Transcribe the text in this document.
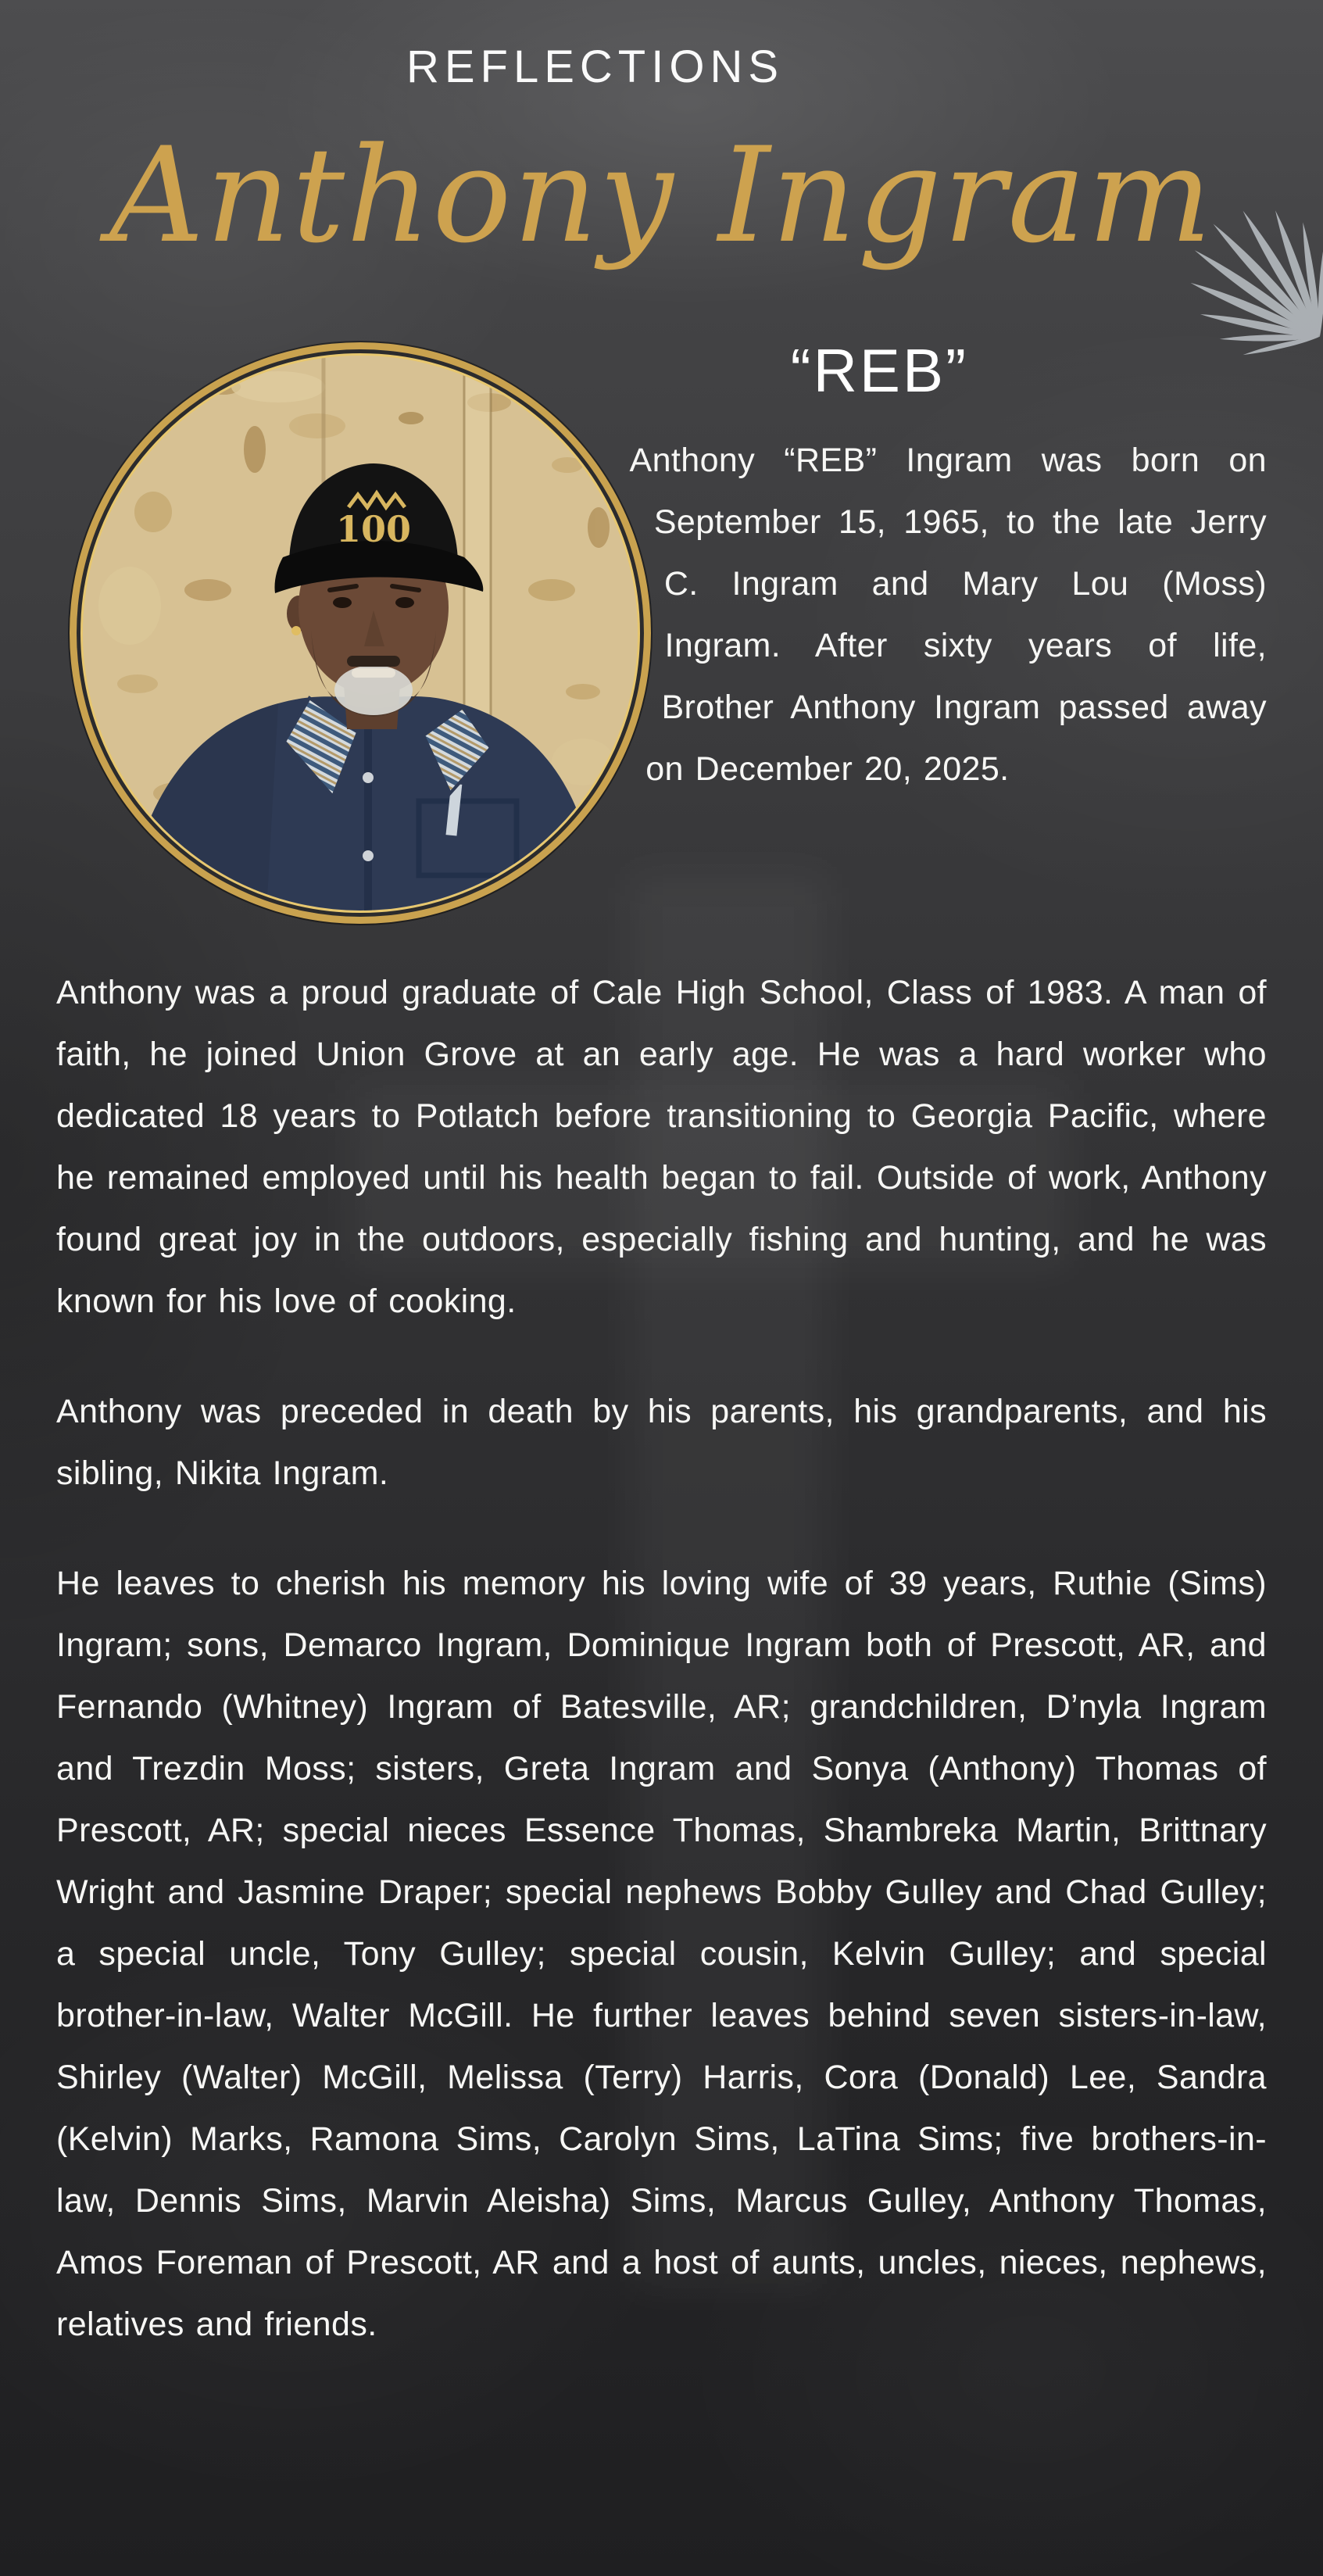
REFLECTIONS
Anthony Ingram
100
“REB”

Anthony “REB” Ingram was born on September 15, 1965, to the late Jerry C. Ingram and Mary Lou (Moss) Ingram. After sixty years of life, Brother Anthony Ingram passed away on December 20, 2025.

Anthony was a proud graduate of Cale High School, Class of 1983. A man of faith, he joined Union Grove at an early age. He was a hard worker who dedicated 18 years to Potlatch before transitioning to Georgia Pacific, where he remained employed until his health began to fail. Outside of work, Anthony found great joy in the outdoors, especially fishing and hunting, and he was known for his love of cooking.

Anthony was preceded in death by his parents, his grandparents, and his sibling, Nikita Ingram.

He leaves to cherish his memory his loving wife of 39 years, Ruthie (Sims) Ingram; sons, Demarco Ingram, Dominique Ingram both of Prescott, AR, and Fernando (Whitney) Ingram of Batesville, AR; grandchildren, D’nyla Ingram and Trezdin Moss; sisters, Greta Ingram and Sonya (Anthony) Thomas of Prescott, AR; special nieces Essence Thomas, Shambreka Martin, Brittnary Wright and Jasmine Draper; special nephews Bobby Gulley and Chad Gulley; a special uncle, Tony Gulley; special cousin, Kelvin Gulley; and special brother-in-law, Walter McGill. He further leaves behind seven sisters-in-law, Shirley (Walter) McGill, Melissa (Terry) Harris, Cora (Donald) Lee, Sandra (Kelvin) Marks, Ramona Sims, Carolyn Sims, LaTina Sims; five brothers-in-law, Dennis Sims, Marvin Aleisha) Sims, Marcus Gulley, Anthony Thomas, Amos Foreman of Prescott, AR and a host of aunts, uncles, nieces, nephews, relatives and friends.
